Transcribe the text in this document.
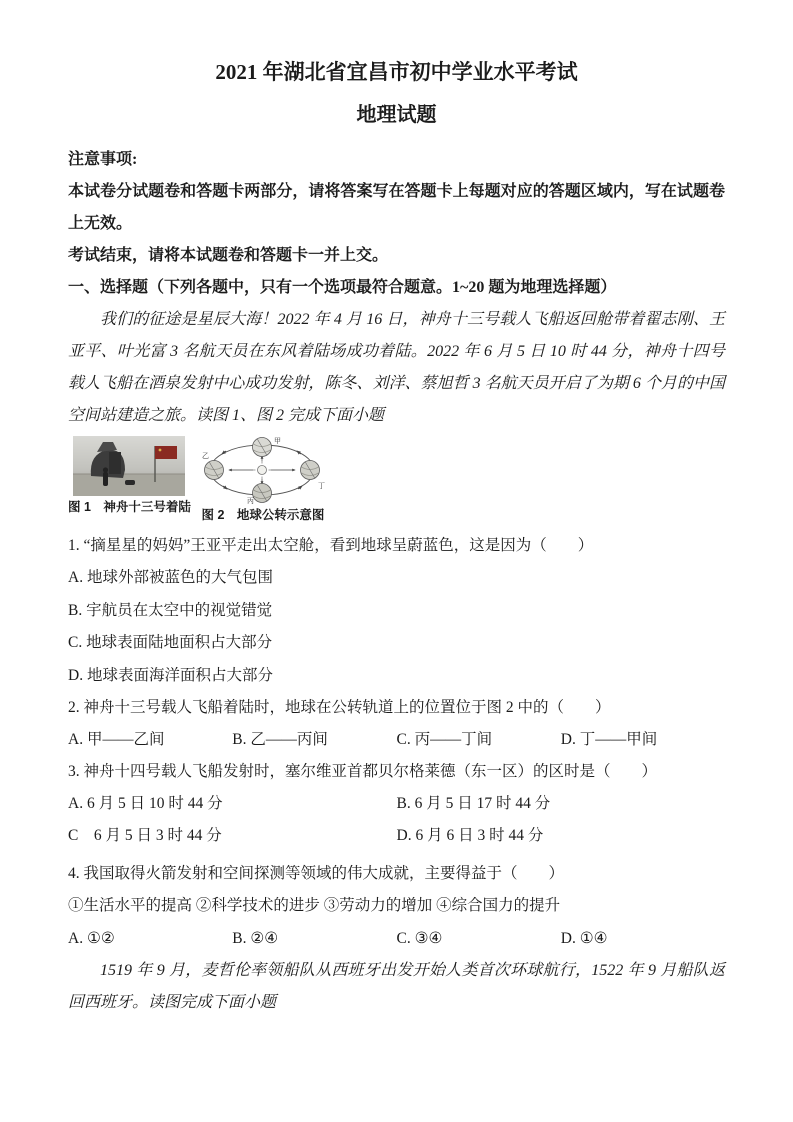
2021 年湖北省宜昌市初中学业水平考试
地理试题

注意事项:

本试卷分试题卷和答题卡两部分，请将答案写在答题卡上每题对应的答题区域内，写在试题卷上无效。

考试结束，请将本试题卷和答题卡一并上交。

一、选择题（下列各题中，只有一个选项最符合题意。1~20 题为地理选择题）

我们的征途是星辰大海！2022 年 4 月 16 日，神舟十三号载人飞船返回舱带着翟志刚、王亚平、叶光富 3 名航天员在东风着陆场成功着陆。2022 年 6 月 5 日 10 时 44 分，神舟十四号载人飞船在酒泉发射中心成功发射，陈冬、刘洋、蔡旭哲 3 名航天员开启了为期 6 个月的中国空间站建造之旅。读图 1、图 2 完成下面小题

图 1　神舟十三号着陆
甲
乙
丙
丁
图 2　地球公转示意图

1. “摘星星的妈妈”王亚平走出太空舱，看到地球呈蔚蓝色，这是因为（　　）

A. 地球外部被蓝色的大气包围
B. 宇航员在太空中的视觉错觉
C. 地球表面陆地面积占大部分
D. 地球表面海洋面积占大部分

2. 神舟十三号载人飞船着陆时，地球在公转轨道上的位置位于图 2 中的（　　）

A. 甲——乙间	B. 乙——丙间	C. 丙——丁间	D. 丁——甲间

3. 神舟十四号载人飞船发射时，塞尔维亚首都贝尔格莱德（东一区）的区时是（　　）

A. 6 月 5 日 10 时 44 分	B. 6 月 5 日 17 时 44 分
C　6 月 5 日 3 时 44 分	D. 6 月 6 日 3 时 44 分

4. 我国取得火箭发射和空间探测等领域的伟大成就，主要得益于（　　）

①生活水平的提高 ②科学技术的进步 ③劳动力的增加 ④综合国力的提升
A. ①②	B. ②④	C. ③④	D. ①④

1519 年 9 月，麦哲伦率领船队从西班牙出发开始人类首次环球航行，1522 年 9 月船队返回西班牙。读图完成下面小题
